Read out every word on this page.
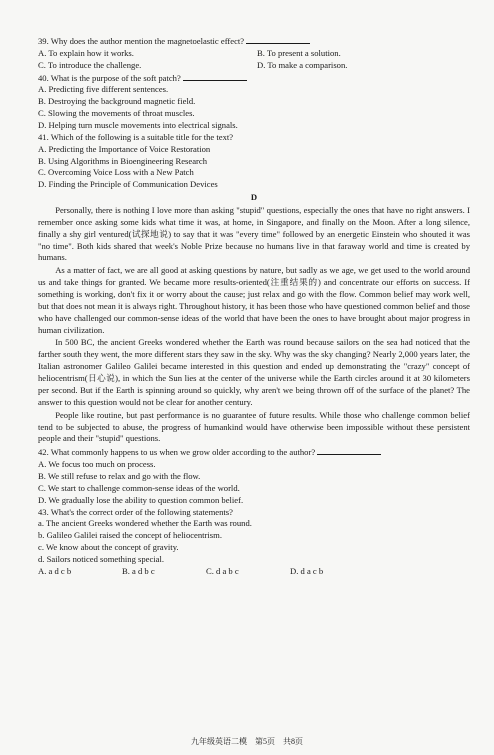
39. Why does the author mention the magnetoelastic effect?
A. To explain how it works.	B. To present a solution.
C. To introduce the challenge.	D. To make a comparison.
40. What is the purpose of the soft patch?
A. Predicting five different sentences.
B. Destroying the background magnetic field.
C. Slowing the movements of throat muscles.
D. Helping turn muscle movements into electrical signals.
41. Which of the following is a suitable title for the text?
A. Predicting the Importance of Voice Restoration
B. Using Algorithms in Bioengineering Research
C. Overcoming Voice Loss with a New Patch
D. Finding the Principle of Communication Devices
D

Personally, there is nothing I love more than asking "stupid" questions, especially the ones that have no right answers. I remember once asking some kids what time it was, at home, in Singapore, and finally on the Moon. After a long silence, finally a shy girl ventured(试探地说) to say that it was "every time" followed by an energetic Einstein who shouted it was "no time". Both kids shared that week's Noble Prize because no humans live in that faraway world and time is created by humans.

As a matter of fact, we are all good at asking questions by nature, but sadly as we age, we get used to the world around us and take things for granted. We became more results-oriented(注重结果的) and concentrate our efforts on success. If something is working, don't fix it or worry about the cause; just relax and go with the flow. Common belief may work well, but that does not mean it is always right. Throughout history, it has been those who have questioned common belief and those who have challenged our common-sense ideas of the world that have been the ones to have brought about major progress in human civilization.

In 500 BC, the ancient Greeks wondered whether the Earth was round because sailors on the sea had noticed that the farther south they went, the more different stars they saw in the sky. Why was the sky changing? Nearly 2,000 years later, the Italian astronomer Galileo Galilei became interested in this question and ended up demonstrating the "crazy" concept of heliocentrism(日心说), in which the Sun lies at the center of the universe while the Earth circles around it at 30 kilometers per second. But if the Earth is spinning around so quickly, why aren't we being thrown off of the surface of the planet? The answer to this question would not be clear for another century.

People like routine, but past performance is no guarantee of future results. While those who challenge common belief tend to be subjected to abuse, the progress of humankind would have otherwise been impossible without these persistent people and their "stupid" questions.

42. What commonly happens to us when we grow older according to the author?
A. We focus too much on process.
B. We still refuse to relax and go with the flow.
C. We start to challenge common-sense ideas of the world.
D. We gradually lose the ability to question common belief.
43. What's the correct order of the following statements?
a. The ancient Greeks wondered whether the Earth was round.
b. Galileo Galilei raised the concept of heliocentrism.
c. We know about the concept of gravity.
d. Sailors noticed something special.
A. a d c b	B. a d b c	C. d a b c	D. d a c b
九年级英语二模　第5页　共8页
